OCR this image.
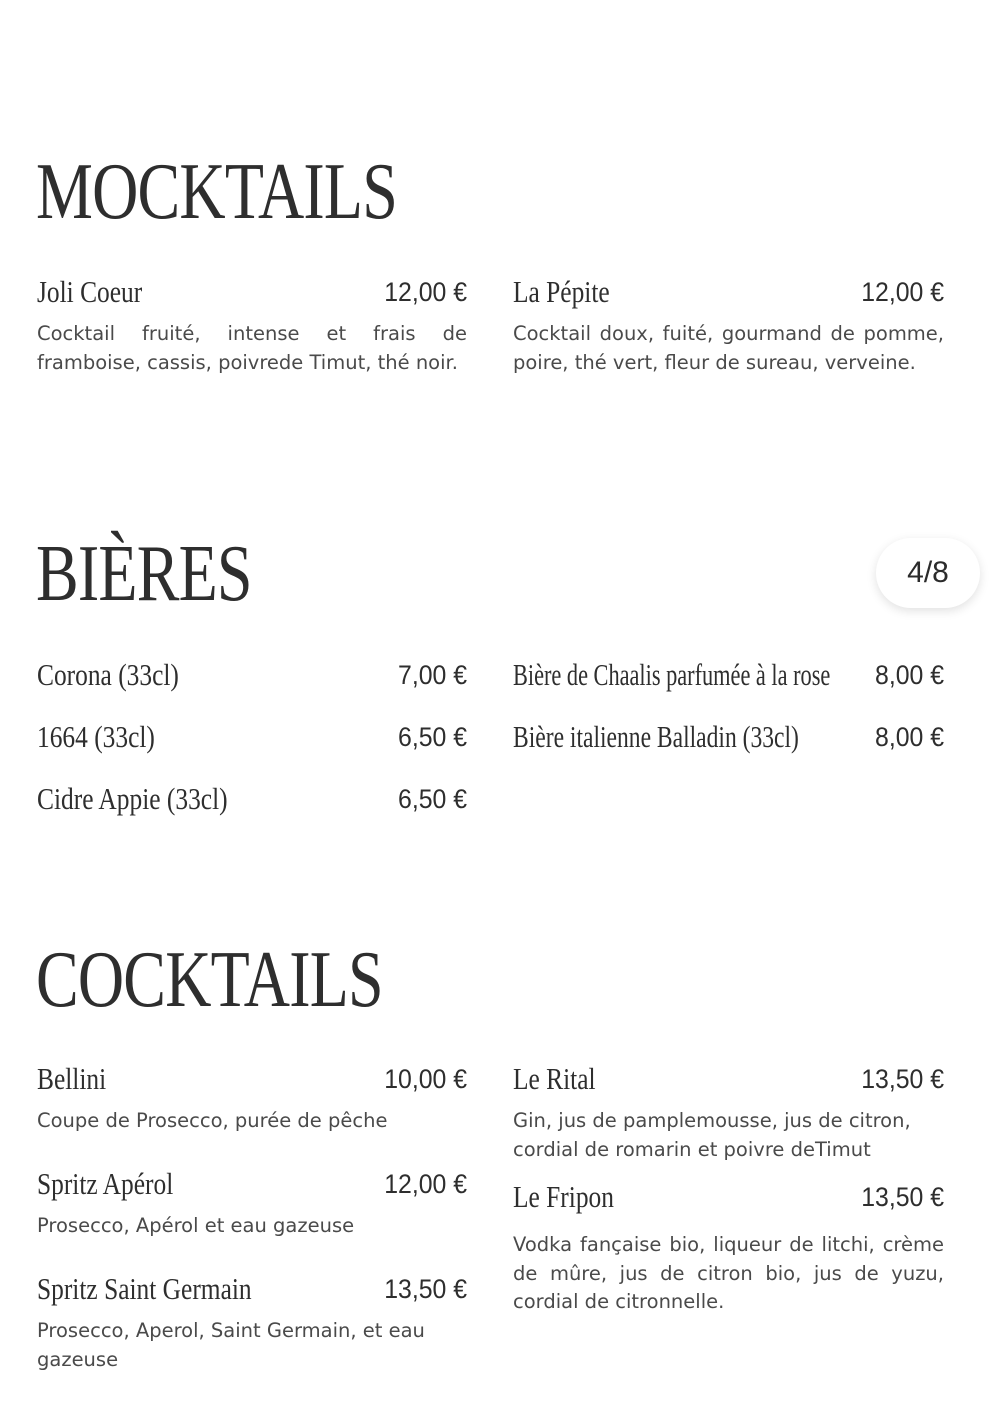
MOCKTAILS
Joli Coeur	12,00 €

Cocktail fruité, intense et frais de framboise, cassis, poivrede Timut, thé noir.

La Pépite	12,00 €

Cocktail doux, fuité, gourmand de pomme, poire, thé vert, fleur de sureau, verveine.

BIÈRES	4/8
Corona (33cl)	7,00 €
1664 (33cl)	6,50 €
Cidre Appie (33cl)	6,50 €
Bière de Chaalis parfumée à la rose 8,00 €
Bière italienne Balladin (33cl)	8,00 €
COCKTAILS
Bellini	10,00 €

Coupe de Prosecco, purée de pêche

Spritz Apérol	12,00 €

Prosecco, Apérol et eau gazeuse

Spritz Saint Germain	13,50 €

Prosecco, Aperol, Saint Germain, et eau gazeuse

Le Rital	13,50 €

Gin, jus de pamplemousse, jus de citron, cordial de romarin et poivre deTimut

Le Fripon	13,50 €

Vodka fançaise bio, liqueur de litchi, crème de mûre, jus de citron bio, jus de yuzu, cordial de citronnelle.
